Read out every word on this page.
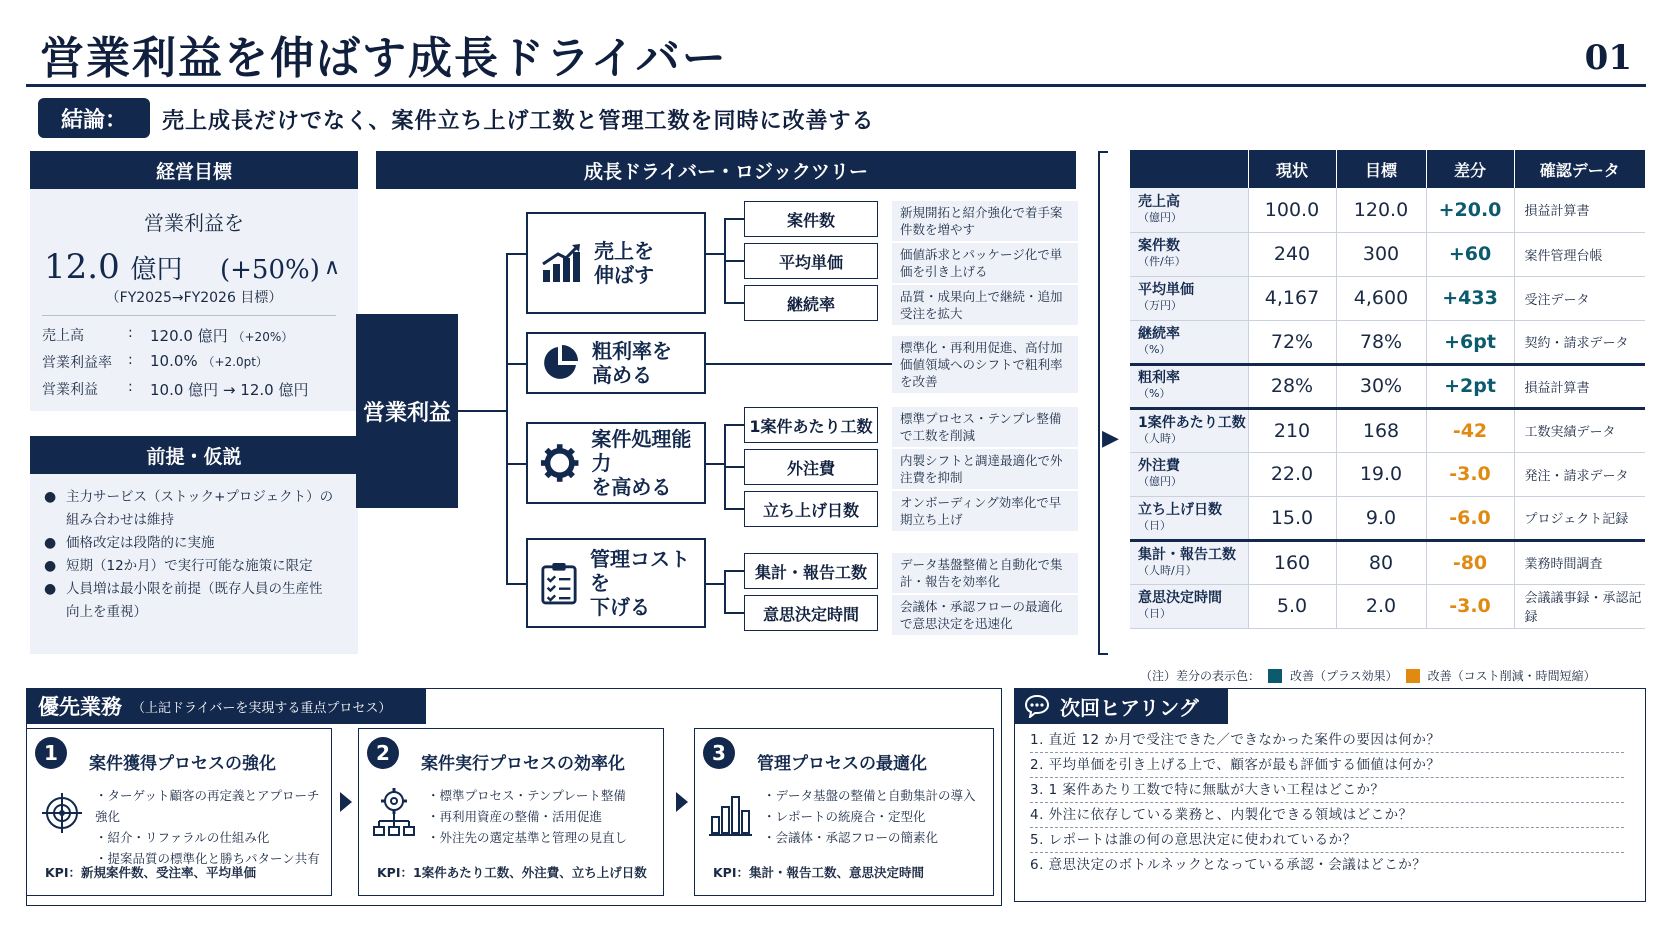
営業利益を伸ばす成長ドライバー	01
結論：	売上成長だけでなく、案件立ち上げ工数と管理工数を同時に改善する
経営目標
営業利益を
12.0 億円 (+50%) ∧
（FY2025→FY2026 目標）
売上高	:	120.0 億円 （+20%）
営業利益率	:	10.0% （+2.0pt）
営業利益	:	10.0 億円 → 12.0 億円
前提・仮説
● 主力サービス（ストック+プロジェクト）の組み合わせは維持
● 価格改定は段階的に実施
● 短期（12か月）で実行可能な施策に限定
● 人員増は最小限を前提（既存人員の生産性向上を重視）
成長ドライバー・ロジックツリー
営業利益
売上を
伸ばす
粗利率を
高める
案件処理能力
を高める
管理コストを
下げる
案件数
平均単価
継続率
1案件あたり工数
外注費
立ち上げ日数
集計・報告工数
意思決定時間
新規開拓と紹介強化で着手案件数を増やす
価値訴求とパッケージ化で単価を引き上げる
品質・成果向上で継続・追加受注を拡大
標準化・再利用促進、高付加価値領域へのシフトで粗利率を改善
標準プロセス・テンプレ整備で工数を削減
内製シフトと調達最適化で外注費を抑制
オンボーディング効率化で早期立ち上げ
データ基盤整備と自動化で集計・報告を効率化
会議体・承認フローの最適化で意思決定を迅速化
▶
	現状	目標	差分	確認データ
売上高
（億円）	100.0	120.0	+20.0	損益計算書
案件数
（件/年）	240	300	+60	案件管理台帳
平均単価
（万円）	4,167	4,600	+433	受注データ
継続率
（%）	72%	78%	+6pt	契約・請求データ
粗利率
（%）	28%	30%	+2pt	損益計算書
1案件あたり工数
（人時）	210	168	-42	工数実績データ
外注費
（億円）	22.0	19.0	-3.0	発注・請求データ
立ち上げ日数
（日）	15.0	9.0	-6.0	プロジェクト記録
集計・報告工数
（人時/月）	160	80	-80	業務時間調査
意思決定時間
（日）	5.0	2.0	-3.0	会議議事録・承認記録
（注）差分の表示色：	改善（プラス効果）	改善（コスト削減・時間短縮）
優先業務 （上記ドライバーを実現する重点プロセス）
1	案件獲得プロセスの強化
・ターゲット顧客の再定義とアプローチ強化
・紹介・リファラルの仕組み化
・提案品質の標準化と勝ちパターン共有
KPI：新規案件数、受注率、平均単価
2	案件実行プロセスの効率化
・標準プロセス・テンプレート整備
・再利用資産の整備・活用促進
・外注先の選定基準と管理の見直し
KPI：1案件あたり工数、外注費、立ち上げ日数
3	管理プロセスの最適化
・データ基盤の整備と自動集計の導入
・レポートの統廃合・定型化
・会議体・承認フローの簡素化
KPI：集計・報告工数、意思決定時間
次回ヒアリング
1. 直近 12 か月で受注できた／できなかった案件の要因は何か？
2. 平均単価を引き上げる上で、顧客が最も評価する価値は何か？
3. 1 案件あたり工数で特に無駄が大きい工程はどこか？
4. 外注に依存している業務と、内製化できる領域はどこか？
5. レポートは誰の何の意思決定に使われているか？
6. 意思決定のボトルネックとなっている承認・会議はどこか？
